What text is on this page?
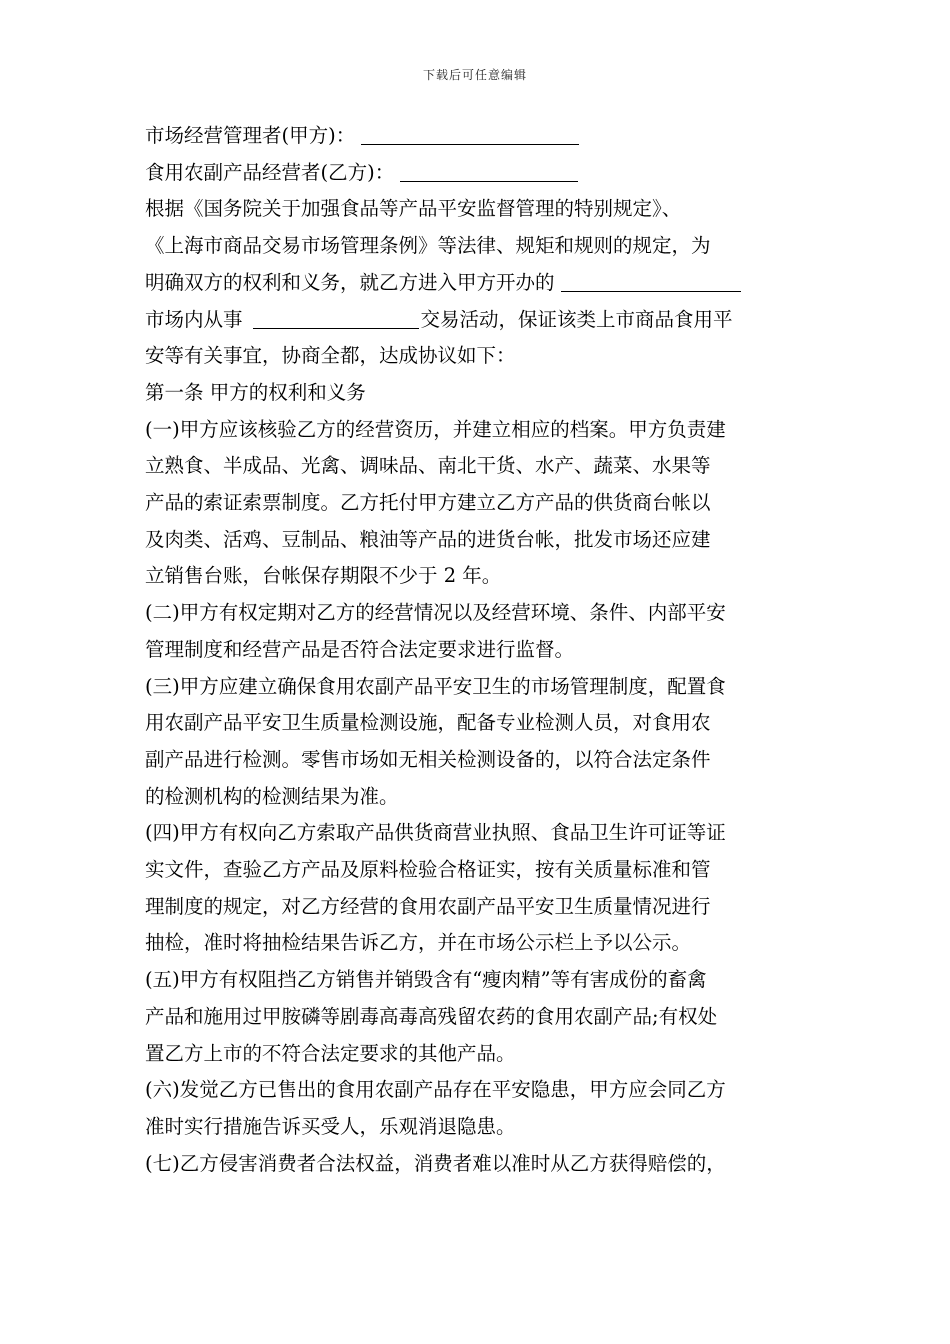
下载后可任意编辑
市场经营管理者(甲方)：
食用农副产品经营者(乙方)：
根据《国务院关于加强食品等产品平安监督管理的特别规定》、
《上海市商品交易市场管理条例》等法律、规矩和规则的规定，为
明确双方的权利和义务，就乙方进入甲方开办的
市场内从事	交易活动，保证该类上市商品食用平
安等有关事宜，协商全都，达成协议如下：
第一条 甲方的权利和义务
(一)甲方应该核验乙方的经营资历，并建立相应的档案。甲方负责建
立熟食、半成品、光禽、调味品、南北干货、水产、蔬菜、水果等
产品的索证索票制度。乙方托付甲方建立乙方产品的供货商台帐以
及肉类、活鸡、豆制品、粮油等产品的进货台帐，批发市场还应建
立销售台账，台帐保存期限不少于 2 年。
(二)甲方有权定期对乙方的经营情况以及经营环境、条件、内部平安
管理制度和经营产品是否符合法定要求进行监督。
(三)甲方应建立确保食用农副产品平安卫生的市场管理制度，配置食
用农副产品平安卫生质量检测设施，配备专业检测人员，对食用农
副产品进行检测。零售市场如无相关检测设备的，以符合法定条件
的检测机构的检测结果为准。
(四)甲方有权向乙方索取产品供货商营业执照、食品卫生许可证等证
实文件，查验乙方产品及原料检验合格证实，按有关质量标准和管
理制度的规定，对乙方经营的食用农副产品平安卫生质量情况进行
抽检，准时将抽检结果告诉乙方，并在市场公示栏上予以公示。
(五)甲方有权阻挡乙方销售并销毁含有“瘦肉精”等有害成份的畜禽
产品和施用过甲胺磷等剧毒高毒高残留农药的食用农副产品;有权处
置乙方上市的不符合法定要求的其他产品。
(六)发觉乙方已售出的食用农副产品存在平安隐患，甲方应会同乙方
准时实行措施告诉买受人，乐观消退隐患。
(七)乙方侵害消费者合法权益，消费者难以准时从乙方获得赔偿的，
